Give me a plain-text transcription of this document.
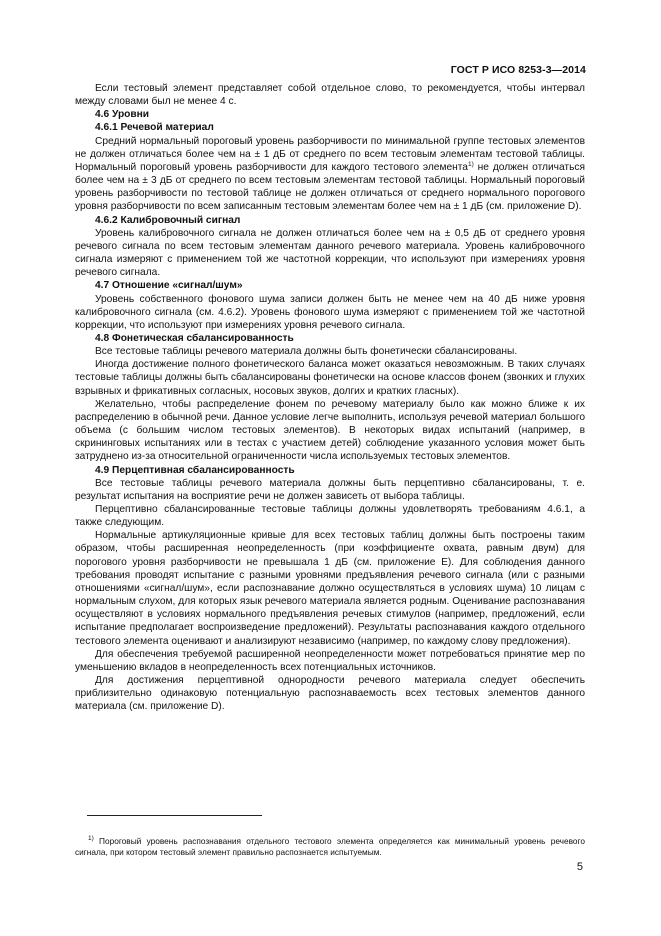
ГОСТ Р ИСО 8253-3—2014

Если тестовый элемент представляет собой отдельное слово, то рекомендуется, чтобы интервал между словами был не менее 4 с.

4.6 Уровни
4.6.1 Речевой материал

Средний нормальный пороговый уровень разборчивости по минимальной группе тестовых элементов не должен отличаться более чем на ± 1 дБ от среднего по всем тестовым элементам тестовой таблицы. Нормальный пороговый уровень разборчивости для каждого тестового элемента$^{1)}$ не должен отличаться более чем на ± 3 дБ от среднего по всем тестовым элементам тестовой таблицы. Нормальный пороговый уровень разборчивости по тестовой таблице не должен отличаться от среднего нормального порогового уровня разборчивости по всем записанным тестовым элементам более чем на ± 1 дБ (см. приложение D).

4.6.2 Калибровочный сигнал

Уровень калибровочного сигнала не должен отличаться более чем на ± 0,5 дБ от среднего уровня речевого сигнала по всем тестовым элементам данного речевого материала. Уровень калибровочного сигнала измеряют с применением той же частотной коррекции, что используют при измерениях уровня речевого сигнала.

4.7 Отношение «сигнал/шум»

Уровень собственного фонового шума записи должен быть не менее чем на 40 дБ ниже уровня калибровочного сигнала (см. 4.6.2). Уровень фонового шума измеряют с применением той же частотной коррекции, что используют при измерениях уровня речевого сигнала.

4.8 Фонетическая сбалансированность

Все тестовые таблицы речевого материала должны быть фонетически сбалансированы.

Иногда достижение полного фонетического баланса может оказаться невозможным. В таких случаях тестовые таблицы должны быть сбалансированы фонетически на основе классов фонем (звонких и глухих взрывных и фрикативных согласных, носовых звуков, долгих и кратких гласных).

Желательно, чтобы распределение фонем по речевому материалу было как можно ближе к их распределению в обычной речи. Данное условие легче выполнить, используя речевой материал большого объема (с большим числом тестовых элементов). В некоторых видах испытаний (например, в скрининговых испытаниях или в тестах с участием детей) соблюдение указанного условия может быть затруднено из-за относительной ограниченности числа используемых тестовых элементов.

4.9 Перцептивная сбалансированность

Все тестовые таблицы речевого материала должны быть перцептивно сбалансированы, т. е. результат испытания на восприятие речи не должен зависеть от выбора таблицы.

Перцептивно сбалансированные тестовые таблицы должны удовлетворять требованиям 4.6.1, а также следующим.

Нормальные артикуляционные кривые для всех тестовых таблиц должны быть построены таким образом, чтобы расширенная неопределенность (при коэффициенте охвата, равным двум) для порогового уровня разборчивости не превышала 1 дБ (см. приложение Е). Для соблюдения данного требования проводят испытание с разными уровнями предъявления речевого сигнала (или с разными отношениями «сигнал/шум», если распознавание должно осуществляться в условиях шума) 10 лицам с нормальным слухом, для которых язык речевого материала является родным. Оценивание распознавания осуществляют в условиях нормального предъявления речевых стимулов (например, предложений, если испытание предполагает воспроизведение предложений). Результаты распознавания каждого отдельного тестового элемента оценивают и анализируют независимо (например, по каждому слову предложения).

Для обеспечения требуемой расширенной неопределенности может потребоваться принятие мер по уменьшению вкладов в неопределенность всех потенциальных источников.

Для достижения перцептивной однородности речевого материала следует обеспечить приблизительно одинаковую потенциальную распознаваемость всех тестовых элементов данного материала (см. приложение D).

$^{1)}$ Пороговый уровень распознавания отдельного тестового элемента определяется как минимальный уровень речевого сигнала, при котором тестовый элемент правильно распознается испытуемым.
5
